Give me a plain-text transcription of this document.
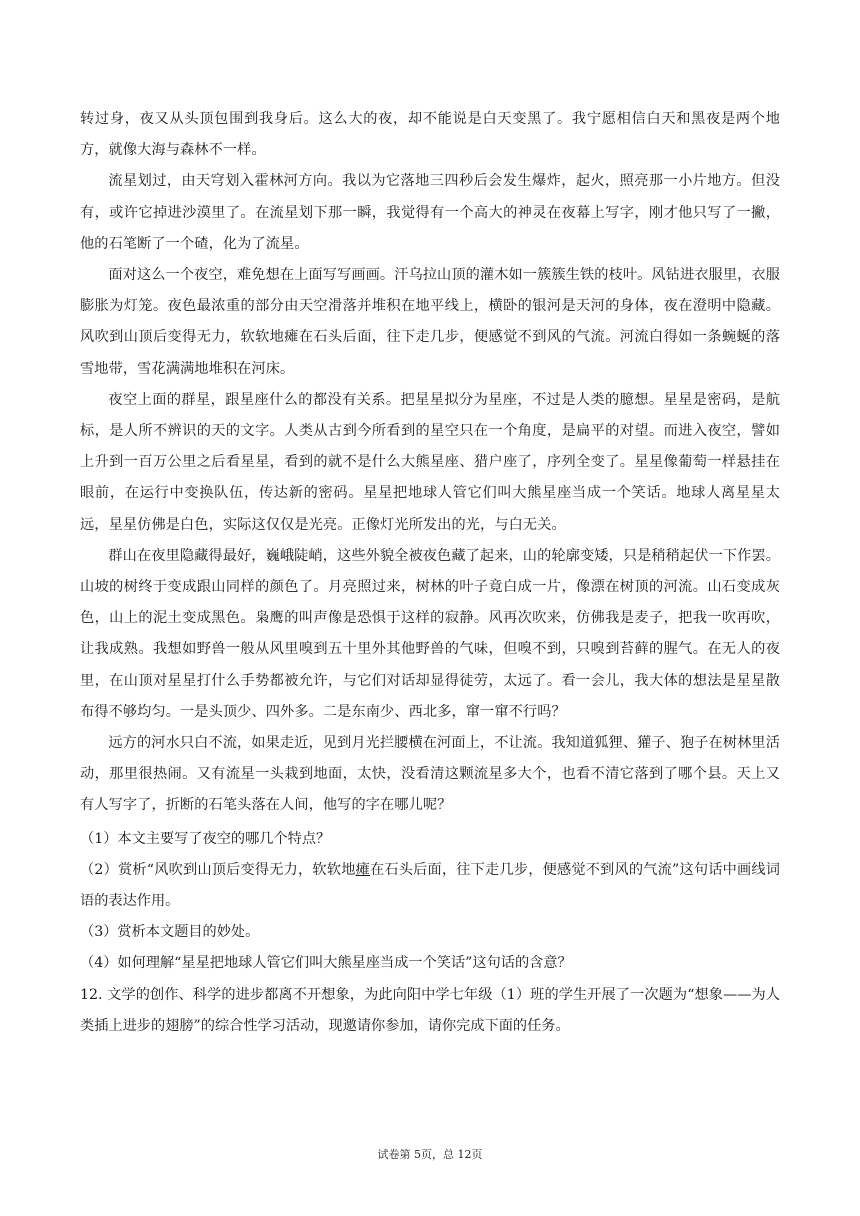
转过身，夜又从头顶包围到我身后。这么大的夜，却不能说是白天变黑了。我宁愿相信白天和黑夜是两个地方，就像大海与森林不一样。

流星划过，由天穹划入霍林河方向。我以为它落地三四秒后会发生爆炸，起火，照亮那一小片地方。但没有，或许它掉进沙漠里了。在流星划下那一瞬，我觉得有一个高大的神灵在夜幕上写字，刚才他只写了一撇，他的石笔断了一个碴，化为了流星。

面对这么一个夜空，难免想在上面写写画画。汗乌拉山顶的灌木如一簇簇生铁的枝叶。风钻进衣服里，衣服膨胀为灯笼。夜色最浓重的部分由天空滑落并堆积在地平线上，横卧的银河是天河的身体，夜在澄明中隐藏。风吹到山顶后变得无力，软软地瘫在石头后面，往下走几步，便感觉不到风的气流。河流白得如一条蜿蜒的落雪地带，雪花满满地堆积在河床。

夜空上面的群星，跟星座什么的都没有关系。把星星拟分为星座，不过是人类的臆想。星星是密码，是航标，是人所不辨识的天的文字。人类从古到今所看到的星空只在一个角度，是扁平的对望。而进入夜空，譬如上升到一百万公里之后看星星，看到的就不是什么大熊星座、猎户座了，序列全变了。星星像葡萄一样悬挂在眼前，在运行中变换队伍，传达新的密码。星星把地球人管它们叫大熊星座当成一个笑话。地球人离星星太远，星星仿佛是白色，实际这仅仅是光亮。正像灯光所发出的光，与白无关。

群山在夜里隐藏得最好，巍峨陡峭，这些外貌全被夜色藏了起来，山的轮廓变矮，只是稍稍起伏一下作罢。山坡的树终于变成跟山同样的颜色了。月亮照过来，树林的叶子竟白成一片，像漂在树顶的河流。山石变成灰色，山上的泥土变成黑色。枭鹰的叫声像是恐惧于这样的寂静。风再次吹来，仿佛我是麦子，把我一吹再吹，让我成熟。我想如野兽一般从风里嗅到五十里外其他野兽的气味，但嗅不到，只嗅到苔藓的腥气。在无人的夜里，在山顶对星星打什么手势都被允许，与它们对话却显得徒劳，太远了。看一会儿，我大体的想法是星星散布得不够均匀。一是头顶少、四外多。二是东南少、西北多，窜一窜不行吗？

远方的河水只白不流，如果走近，见到月光拦腰横在河面上，不让流。我知道狐狸、獾子、狍子在树林里活动，那里很热闹。又有流星一头栽到地面，太快，没看清这颗流星多大个，也看不清它落到了哪个县。天上又有人写字了，折断的石笔头落在人间，他写的字在哪儿呢？

（1）本文主要写了夜空的哪几个特点？

（2）赏析“风吹到山顶后变得无力，软软地瘫在石头后面，往下走几步，便感觉不到风的气流”这句话中画线词语的表达作用。

（3）赏析本文题目的妙处。

（4）如何理解“星星把地球人管它们叫大熊星座当成一个笑话”这句话的含意？

12. 文学的创作、科学的进步都离不开想象，为此向阳中学七年级（1）班的学生开展了一次题为“想象——为人类插上进步的翅膀”的综合性学习活动，现邀请你参加，请你完成下面的任务。

试卷第 5页，总 12页
